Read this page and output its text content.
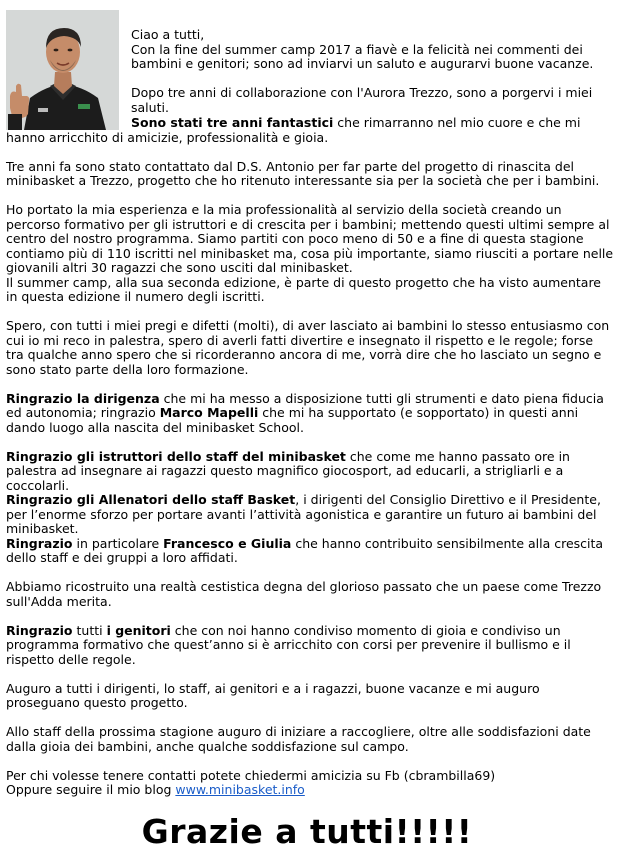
Ciao a tutti,

Con la fine del summer camp 2017 a fiavè e la felicità nei commenti dei bambini e genitori; sono ad inviarvi un saluto e augurarvi buone vacanze.

Dopo tre anni di collaborazione con l'Aurora Trezzo, sono a porgervi i miei saluti.

Sono stati tre anni fantastici che rimarranno nel mio cuore e che mi hanno arricchito di amicizie, professionalità e gioia.

Tre anni fa sono stato contattato dal D.S. Antonio per far parte del progetto di rinascita del minibasket a Trezzo, progetto che ho ritenuto interessante sia per la società che per i bambini.

Ho portato la mia esperienza e la mia professionalità al servizio della società creando un percorso formativo per gli istruttori e di crescita per i bambini; mettendo questi ultimi sempre al centro del nostro programma. Siamo partiti con poco meno di 50 e a fine di questa stagione contiamo più di 110 iscritti nel minibasket ma, cosa più importante, siamo riusciti a portare nelle giovanili altri 30 ragazzi che sono usciti dal minibasket.

Il summer camp, alla sua seconda edizione, è parte di questo progetto che ha visto aumentare in questa edizione il numero degli iscritti.

Spero, con tutti i miei pregi e difetti (molti), di aver lasciato ai bambini lo stesso entusiasmo con cui io mi reco in palestra, spero di averli fatti divertire e insegnato il rispetto e le regole; forse tra qualche anno spero che si ricorderanno ancora di me, vorrà dire che ho lasciato un segno e sono stato parte della loro formazione.

Ringrazio la dirigenza che mi ha messo a disposizione tutti gli strumenti e dato piena fiducia ed autonomia; ringrazio Marco Mapelli che mi ha supportato (e sopportato) in questi anni dando luogo alla nascita del minibasket School.

Ringrazio gli istruttori dello staff del minibasket che come me hanno passato ore in palestra ad insegnare ai ragazzi questo magnifico giocosport, ad educarli, a strigliarli e a coccolarli.

Ringrazio gli Allenatori dello staff Basket, i dirigenti del Consiglio Direttivo e il Presidente, per l’enorme sforzo per portare avanti l’attività agonistica e garantire un futuro ai bambini del minibasket.

Ringrazio in particolare Francesco e Giulia che hanno contribuito sensibilmente alla crescita dello staff e dei gruppi a loro affidati.

Abbiamo ricostruito una realtà cestistica degna del glorioso passato che un paese come Trezzo sull'Adda merita.

Ringrazio tutti i genitori che con noi hanno condiviso momento di gioia e condiviso un programma formativo che quest’anno si è arricchito con corsi per prevenire il bullismo e il rispetto delle regole.

Auguro a tutti i dirigenti, lo staff, ai genitori e a i ragazzi, buone vacanze e mi auguro proseguano questo progetto.

Allo staff della prossima stagione auguro di iniziare a raccogliere, oltre alle soddisfazioni date dalla gioia dei bambini, anche qualche soddisfazione sul campo.

Per chi volesse tenere contatti potete chiedermi amicizia su Fb (cbrambilla69)

Oppure seguire il mio blog www.minibasket.info

Grazie a tutti!!!!!
